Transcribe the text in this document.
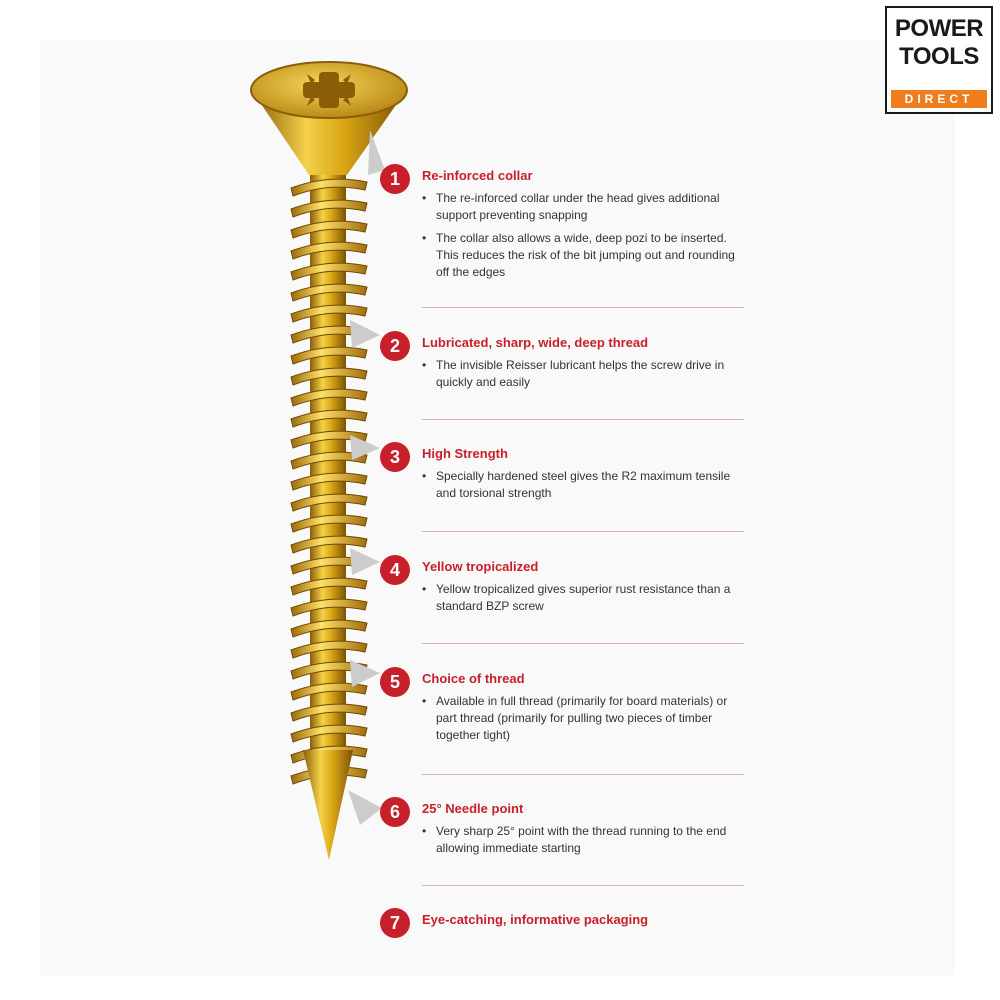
POWER
TOOLS
DIRECT
1	Re-inforced collar
• The re-inforced collar under the head gives additional support preventing snapping
• The collar also allows a wide, deep pozi to be inserted. This reduces the risk of the bit jumping out and rounding off the edges
2	Lubricated, sharp, wide, deep thread
• The invisible Reisser lubricant helps the screw drive in quickly and easily
3	High Strength
• Specially hardened steel gives the R2 maximum tensile and torsional strength
4	Yellow tropicalized
• Yellow tropicalized gives superior rust resistance than a standard BZP screw
5	Choice of thread
• Available in full thread (primarily for board materials) or part thread (primarily for pulling two pieces of timber together tight)
6	25° Needle point
• Very sharp 25° point with the thread running to the end allowing immediate starting
7	Eye-catching, informative packaging
